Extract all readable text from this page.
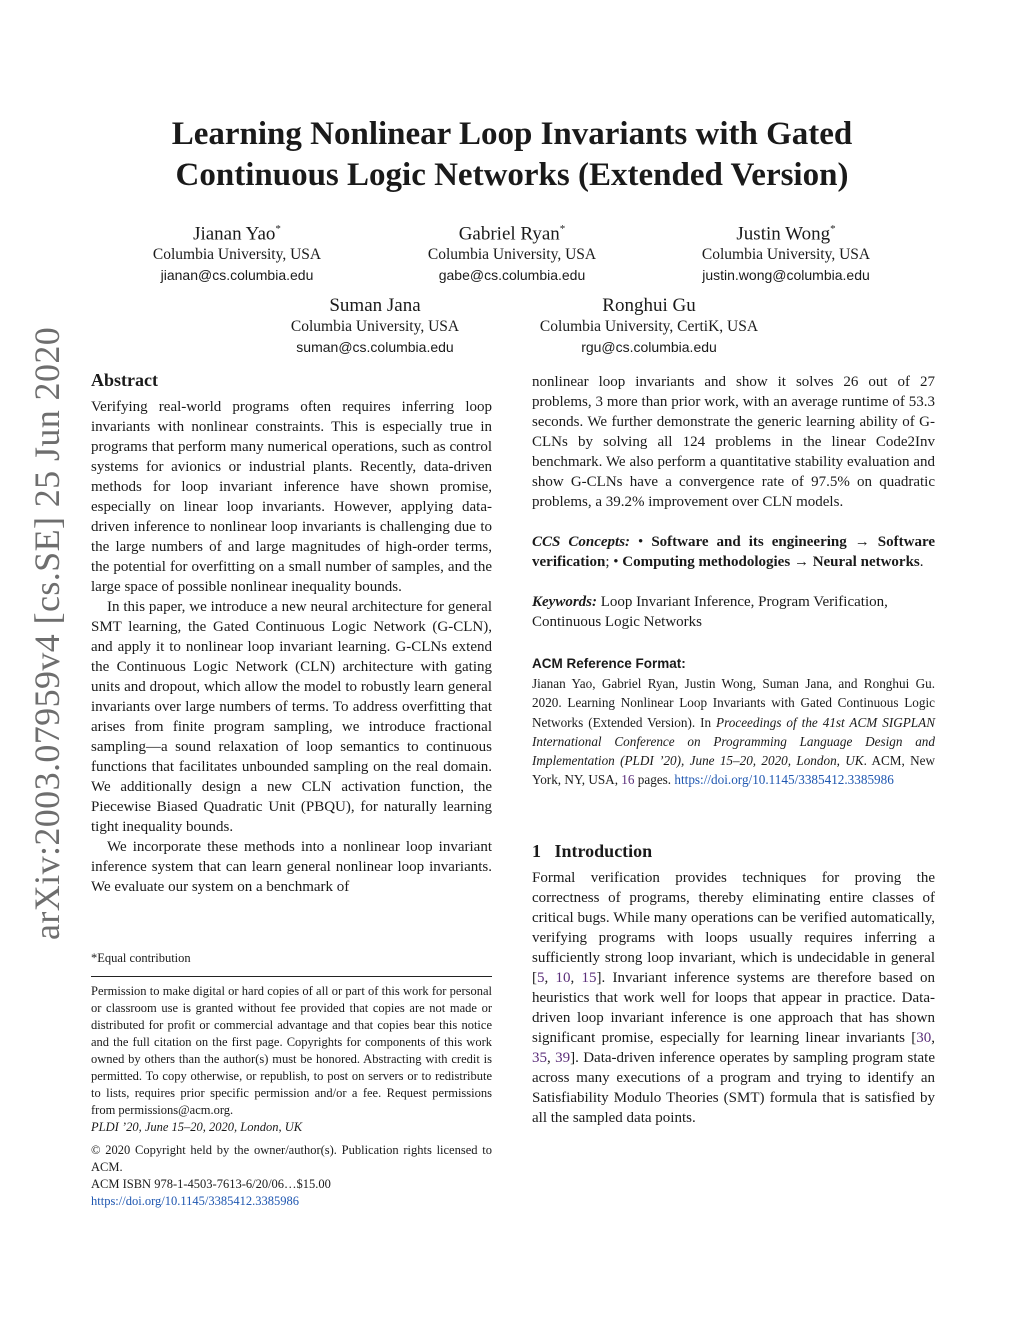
arXiv:2003.07959v4 [cs.SE] 25 Jun 2020
Learning Nonlinear Loop Invariants with Gated
Continuous Logic Networks (Extended Version)
Jianan Yao*
Columbia University, USA
jianan@cs.columbia.edu
Gabriel Ryan*
Columbia University, USA
gabe@cs.columbia.edu
Justin Wong*
Columbia University, USA
justin.wong@columbia.edu
Suman Jana
Columbia University, USA
suman@cs.columbia.edu
Ronghui Gu
Columbia University, CertiK, USA
rgu@cs.columbia.edu
Abstract

Verifying real-world programs often requires inferring loop invariants with nonlinear constraints. This is especially true in programs that perform many numerical operations, such as control systems for avionics or industrial plants. Recently, data-driven methods for loop invariant inference have shown promise, especially on linear loop invariants. However, applying data-driven inference to nonlinear loop invariants is challenging due to the large numbers of and large magnitudes of high-order terms, the potential for overfitting on a small number of samples, and the large space of possible nonlinear inequality bounds.

In this paper, we introduce a new neural architecture for general SMT learning, the Gated Continuous Logic Network (G-CLN), and apply it to nonlinear loop invariant learning. G-CLNs extend the Continuous Logic Network (CLN) architecture with gating units and dropout, which allow the model to robustly learn general invariants over large numbers of terms. To address overfitting that arises from finite program sampling, we introduce fractional sampling—a sound relaxation of loop semantics to continuous functions that facilitates unbounded sampling on the real domain. We additionally design a new CLN activation function, the Piecewise Biased Quadratic Unit (PBQU), for naturally learning tight inequality bounds.

We incorporate these methods into a nonlinear loop invariant inference system that can learn general nonlinear loop invariants. We evaluate our system on a benchmark of

*Equal contribution
Permission to make digital or hard copies of all or part of this work for personal or classroom use is granted without fee provided that copies are not made or distributed for profit or commercial advantage and that copies bear this notice and the full citation on the first page. Copyrights for components of this work owned by others than the author(s) must be honored. Abstracting with credit is permitted. To copy otherwise, or republish, to post on servers or to redistribute to lists, requires prior specific permission and/or a fee. Request permissions from permissions@acm.org.
PLDI ’20, June 15–20, 2020, London, UK
© 2020 Copyright held by the owner/author(s). Publication rights licensed to ACM.
ACM ISBN 978-1-4503-7613-6/20/06…$15.00
https://doi.org/10.1145/3385412.3385986

nonlinear loop invariants and show it solves 26 out of 27 problems, 3 more than prior work, with an average runtime of 53.3 seconds. We further demonstrate the generic learning ability of G-CLNs by solving all 124 problems in the linear Code2Inv benchmark. We also perform a quantitative stability evaluation and show G-CLNs have a convergence rate of 97.5% on quadratic problems, a 39.2% improvement over CLN models.

CCS Concepts: • Software and its engineering → Software verification; • Computing methodologies → Neural networks.

Keywords: Loop Invariant Inference, Program Verification, Continuous Logic Networks

ACM Reference Format:

Jianan Yao, Gabriel Ryan, Justin Wong, Suman Jana, and Ronghui Gu. 2020. Learning Nonlinear Loop Invariants with Gated Continuous Logic Networks (Extended Version). In Proceedings of the 41st ACM SIGPLAN International Conference on Programming Language Design and Implementation (PLDI ’20), June 15–20, 2020, London, UK. ACM, New York, NY, USA, 16 pages. https://doi.org/10.1145/3385412.3385986

1 Introduction

Formal verification provides techniques for proving the correctness of programs, thereby eliminating entire classes of critical bugs. While many operations can be verified automatically, verifying programs with loops usually requires inferring a sufficiently strong loop invariant, which is undecidable in general [5, 10, 15]. Invariant inference systems are therefore based on heuristics that work well for loops that appear in practice. Data-driven loop invariant inference is one approach that has shown significant promise, especially for learning linear invariants [30, 35, 39]. Data-driven inference operates by sampling program state across many executions of a program and trying to identify an Satisfiability Modulo Theories (SMT) formula that is satisfied by all the sampled data points.
